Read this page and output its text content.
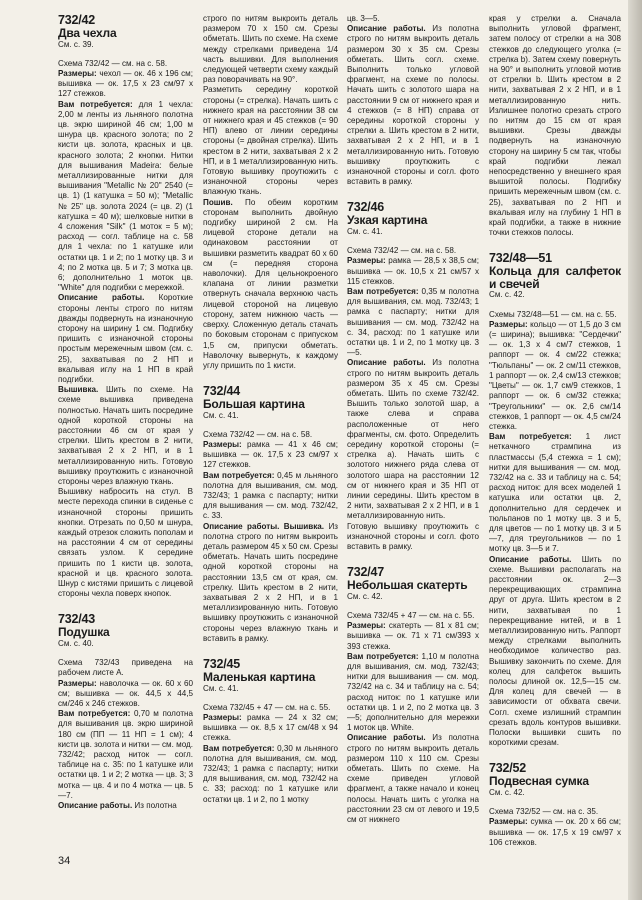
732/42
Два чехла
См. с. 39.

Схема 732/42 — см. на с. 58.

Размеры: чехол — ок. 46 х 196 см; вышивка — ок. 17,5 х 23 см/97 х 127 стежков.

Вам потребуется: для 1 чехла: 2,00 м ленты из льняного полотна цв. экрю шириной 46 см; 1,00 м шнура цв. красного золота; по 2 кисти цв. золота, красных и цв. красного золота; 2 кнопки. Нитки для вышивания Madeira: белые металлизированные нитки для вышивания "Metallic № 20" 2540 (= цв. 1) (1 катушка = 50 м); "Metallic № 25" цв. золота 2024 (= цв. 2) (1 катушка = 40 м); шелковые нитки в 4 сложения "Silk" (1 моток = 5 м); расход — согл. таблице на с. 58 для 1 чехла: по 1 катушке или остатки цв. 1 и 2; по 1 мотку цв. 3 и 4; по 2 мотка цв. 5 и 7; 3 мотка цв. 6; дополнительно 1 моток цв. "White" для подгибки с мережкой.

Описание работы. Короткие стороны ленты строго по нитям дважды подвернуть на изнаночную сторону на ширину 1 см. Подгибку пришить с изнаночной стороны простым мережечным швом (см. с. 25), захватывая по 2 НП и вкалывая иглу на 1 НП в край подгибки.

Вышивка. Шить по схеме. На схеме вышивка приведена полностью. Начать шить посредине одной короткой стороны на расстоянии 46 см от края у стрелки. Шить крестом в 2 нити, захватывая 2 х 2 НП, и в 1 металлизированную нить. Готовую вышивку проутюжить с изнаночной стороны через влажную ткань.

Вышивку набросить на стул. В месте перехода спинки в сиденье с изнаночной стороны пришить кнопки. Отрезать по 0,50 м шнура, каждый отрезок сложить пополам и на расстоянии 4 см от середины связать узлом. К середине пришить по 1 кисти цв. золота, красной и цв. красного золота. Шнур с кистями пришить с лицевой стороны чехла поверх кнопок.

732/43
Подушка
См. с. 40.

Схема 732/43 приведена на рабочем листе А.

Размеры: наволочка — ок. 60 х 60 см; вышивка — ок. 44,5 х 44,5 см/246 х 246 стежков.

Вам потребуется: 0,70 м полотна для вышивания цв. экрю шириной 180 см (ПП — 11 НП = 1 см); 4 кисти цв. золота и нитки — см. мод. 732/42; расход ниток — согл. таблице на с. 35: по 1 катушке или остатки цв. 1 и 2; 2 мотка — цв. 3; 3 мотка — цв. 4 и по 4 мотка — цв. 5—7.

Описание работы. Из полотна

строго по нитям выкроить деталь размером 70 х 150 см. Срезы обметать. Шить по схеме. На схеме между стрелками приведена 1/4 часть вышивки. Для выполнения следующей четверти схему каждый раз поворачивать на 90°.

Разметить середину короткой стороны (= стрелка). Начать шить с нижнего края на расстоянии 38 см от нижнего края и 45 стежков (= 90 НП) влево от линии середины стороны (= двойная стрелка). Шить крестом в 2 нити, захватывая 2 х 2 НП, и в 1 металлизированную нить. Готовую вышивку проутюжить с изнаночной стороны через влажную ткань.

Пошив. По обеим коротким сторонам выполнить двойную подгибку шириной 2 см. На лицевой стороне детали на одинаковом расстоянии от вышивки разметить квадрат 60 х 60 см (= передняя сторона наволочки). Для цельнокроеного клапана от линии разметки отвернуть сначала верхнюю часть лицевой стороной на лицевую сторону, затем нижнюю часть — сверху. Сложенную деталь стачать по боковым сторонам с припуском 1,5 см, припуски обметать. Наволочку вывернуть, к каждому углу пришить по 1 кисти.

732/44
Большая картина
См. с. 41.

Схема 732/42 — см. на с. 58.

Размеры: рамка — 41 х 46 см; вышивка — ок. 17,5 х 23 см/97 х 127 стежков.

Вам потребуется: 0,45 м льняного полотна для вышивания, см. мод. 732/43; 1 рамка с паспарту; нитки для вышивания — см. мод. 732/42, с. 33.

Описание работы. Вышивка. Из полотна строго по нитям выкроить деталь размером 45 х 50 см. Срезы обметать. Начать шить посредине одной короткой стороны на расстоянии 13,5 см от края, см. стрелку. Шить крестом в 2 нити, захватывая 2 х 2 НП, и в 1 металлизированную нить. Готовую вышивку проутюжить с изнаночной стороны через влажную ткань и вставить в рамку.

732/45
Маленькая картина
См. с. 41.

Схема 732/45 + 47 — см. на с. 55.

Размеры: рамка — 24 х 32 см; вышивка — ок. 8,5 х 17 см/48 х 94 стежка.

Вам потребуется: 0,30 м льняного полотна для вышивания, см. мод. 732/43; 1 рамка с паспарту; нитки для вышивания, см. мод. 732/42 на с. 33; расход: по 1 катушке или остатки цв. 1 и 2, по 1 мотку

цв. 3—5.

Описание работы. Из полотна строго по нитям выкроить деталь размером 30 х 35 см. Срезы обметать. Шить согл. схеме. Выполнить только угловой фрагмент, на схеме по полосы. Начать шить с золотого шара на расстоянии 9 см от нижнего края и 4 стежков (= 8 НП) справа от середины короткой стороны у стрелки a. Шить крестом в 2 нити, захватывая 2 х 2 НП, и в 1 металлизированную нить. Готовую вышивку проутюжить с изнаночной стороны и согл. фото вставить в рамку.

732/46
Узкая картина
См. с. 41.

Схема 732/42 — см. на с. 58.

Размеры: рамка — 28,5 х 38,5 см; вышивка — ок. 10,5 х 21 см/57 х 115 стежков.

Вам потребуется: 0,35 м полотна для вышивания, см. мод. 732/43; 1 рамка с паспарту; нитки для вышивания — см. мод. 732/42 на с. 34, расход: по 1 катушке или остатки цв. 1 и 2, по 1 мотку цв. 3—5.

Описание работы. Из полотна строго по нитям выкроить деталь размером 35 х 45 см. Срезы обметать. Шить по схеме 732/42. Вышить только золотой шар, а также слева и справа расположенные от него фрагменты, см. фото. Определить середину короткой стороны (= стрелка a). Начать шить с золотого нижнего ряда слева от золотого шара на расстоянии 12 см от нижнего края и 35 НП от линии середины. Шить крестом в 2 нити, захватывая 2 х 2 НП, и в 1 металлизированную нить.

Готовую вышивку проутюжить с изнаночной стороны и согл. фото вставить в рамку.

732/47
Небольшая скатерть
См. с. 42.

Схема 732/45 + 47 — см. на с. 55.

Размеры: скатерть — 81 х 81 см; вышивка — ок. 71 х 71 см/393 х 393 стежка.

Вам потребуется: 1,10 м полотна для вышивания, см. мод. 732/43; нитки для вышивания — см. мод. 732/42 на с. 34 и таблицу на с. 54; расход ниток: по 1 катушке или остатки цв. 1 и 2, по 2 мотка цв. 3—5; дополнительно для мережки 1 моток цв. White.

Описание работы. Из полотна строго по нитям выкроить деталь размером 110 х 110 см. Срезы обметать. Шить по схеме. На схеме приведен угловой фрагмент, а также начало и конец полосы. Начать шить с уголка на расстоянии 23 см от левого и 19,5 см от нижнего

края у стрелки a. Сначала выполнить угловой фрагмент, затем полосу от стрелки a на 308 стежков до следующего уголка (= стрелка b). Затем схему повернуть на 90° и выполнить угловой мотив от стрелки b. Шить крестом в 2 нити, захватывая 2 х 2 НП, и в 1 металлизированную нить. Излишнее полотно срезать строго по нитям до 15 см от края вышивки. Срезы дважды подвернуть на изнаночную сторону на ширину 5 см так, чтобы край подгибки лежал непосредственно у внешнего края вышитой полосы. Подгибку пришить мережечным швом (см. с. 25), захватывая по 2 НП и вкалывая иглу на глубину 1 НП в край подгибки, а также в нижние точки стежков полосы.

732/48—51
Кольца для салфеток и свечей
См. с. 42.

Схемы 732/48—51 — см. на с. 55.

Размеры: кольцо — от 1,5 до 3 см (= ширина); вышивка: "Сердечки" — ок. 1,3 х 4 см/7 стежков, 1 раппорт — ок. 4 см/22 стежка; "Тюльпаны" — ок. 2 см/11 стежков, 1 раппорт — ок. 2,4 см/13 стежков; "Цветы" — ок. 1,7 см/9 стежков, 1 раппорт — ок. 6 см/32 стежка; "Треугольники" — ок. 2,6 см/14 стежков, 1 раппорт — ок. 4,5 см/24 стежка.

Вам потребуется: 1 лист неткачного стрампина из пластмассы (5,4 стежка = 1 см); нитки для вышивания — см. мод. 732/42 на с. 33 и таблицу на с. 54; расход ниток: для всех моделей 1 катушка или остатки цв. 2, дополнительно для сердечек и тюльпанов по 1 мотку цв. 3 и 5, для цветов — по 1 мотку цв. 3 и 5—7, для треугольников — по 1 мотку цв. 3—5 и 7.

Описание работы. Шить по схеме. Вышивки располагать на расстоянии ок. 2—3 перекрещивающих стрампина друг от друга. Шить крестом в 2 нити, захватывая по 1 перекрещивание нитей, и в 1 металлизированную нить. Раппорт между стрелками выполнить необходимое количество раз. Вышивку закончить по схеме. Для колец для салфеток вышить полосы длиной ок. 12,5—15 см. Для колец для свечей — в зависимости от обхвата свечи. Согл. схеме излишний стрампин срезать вдоль контуров вышивки. Полоски вышивки сшить по короткими срезам.

732/52
Подвесная сумка
См. с. 42.

Схема 732/52 — см. на с. 35.

Размеры: сумка — ок. 20 х 66 см; вышивка — ок. 17,5 х 19 см/97 х 106 стежков.

34
